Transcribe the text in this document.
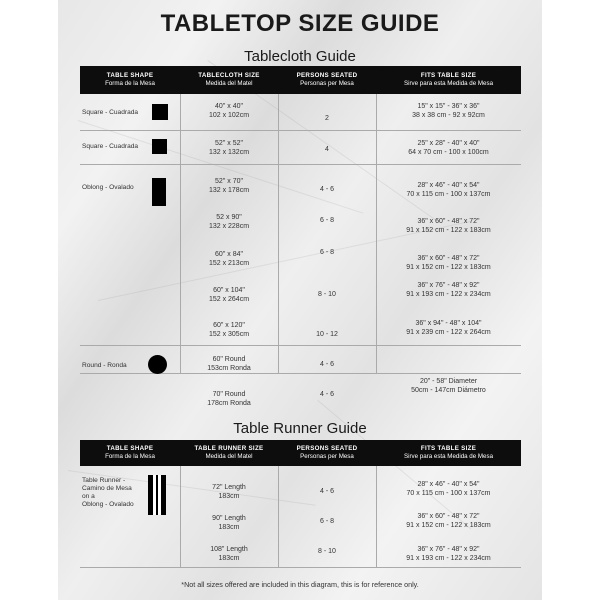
TABLETOP SIZE GUIDE
Tablecloth Guide
TABLE SHAPE
Forma de la Mesa
TABLECLOTH SIZE
Medida del Matel
PERSONS SEATED
Personas per Mesa
FITS TABLE SIZE
Sirve para esta Medida de Mesa
Square - Cuadrada
Square - Cuadrada
Oblong - Ovalado
Round - Ronda
40" x 40"
102 x 102cm
52" x 52"
132 x 132cm
52" x 70"
132 x 178cm
52 x 90"
132 x 228cm
60" x 84"
152 x 213cm
60" x 104"
152 x 264cm
60" x 120"
152 x 305cm
60" Round
153cm Ronda
70" Round
178cm Ronda
2
4
4 - 6
6 - 8
6 - 8
8 - 10
10 - 12
4 - 6
4 - 6
15" x 15" - 36" x 36"
38 x 38 cm - 92 x 92cm
25" x 28" - 40" x 40"
64 x 70 cm - 100 x 100cm
28" x 46" - 40" x 54"
70 x 115 cm - 100 x 137cm
36" x 60" - 48" x 72"
91 x 152 cm - 122 x 183cm
36" x 60" - 48" x 72"
91 x 152 cm - 122 x 183cm
36" x 76" - 48" x 92"
91 x 193 cm - 122 x 234cm
36" x 94" - 48" x 104"
91 x 239 cm - 122 x 264cm
20" - 58" Diameter
50cm - 147cm Diámetro
Table Runner Guide
TABLE SHAPE
Forma de la Mesa
TABLE RUNNER SIZE
Medida del Matel
PERSONS SEATED
Personas per Mesa
FITS TABLE SIZE
Sirve para esta Medida de Mesa
Table Runner -
Camino de Mesa
on a
Oblong - Ovalado
72" Length
183cm
90" Length
183cm
108" Length
183cm
4 - 6
6 - 8
8 - 10
28" x 46" - 40" x 54"
70 x 115 cm - 100 x 137cm
36" x 60" - 48" x 72"
91 x 152 cm - 122 x 183cm
36" x 76" - 48" x 92"
91 x 193 cm - 122 x 234cm
*Not all sizes offered are included in this diagram, this is for reference only.
